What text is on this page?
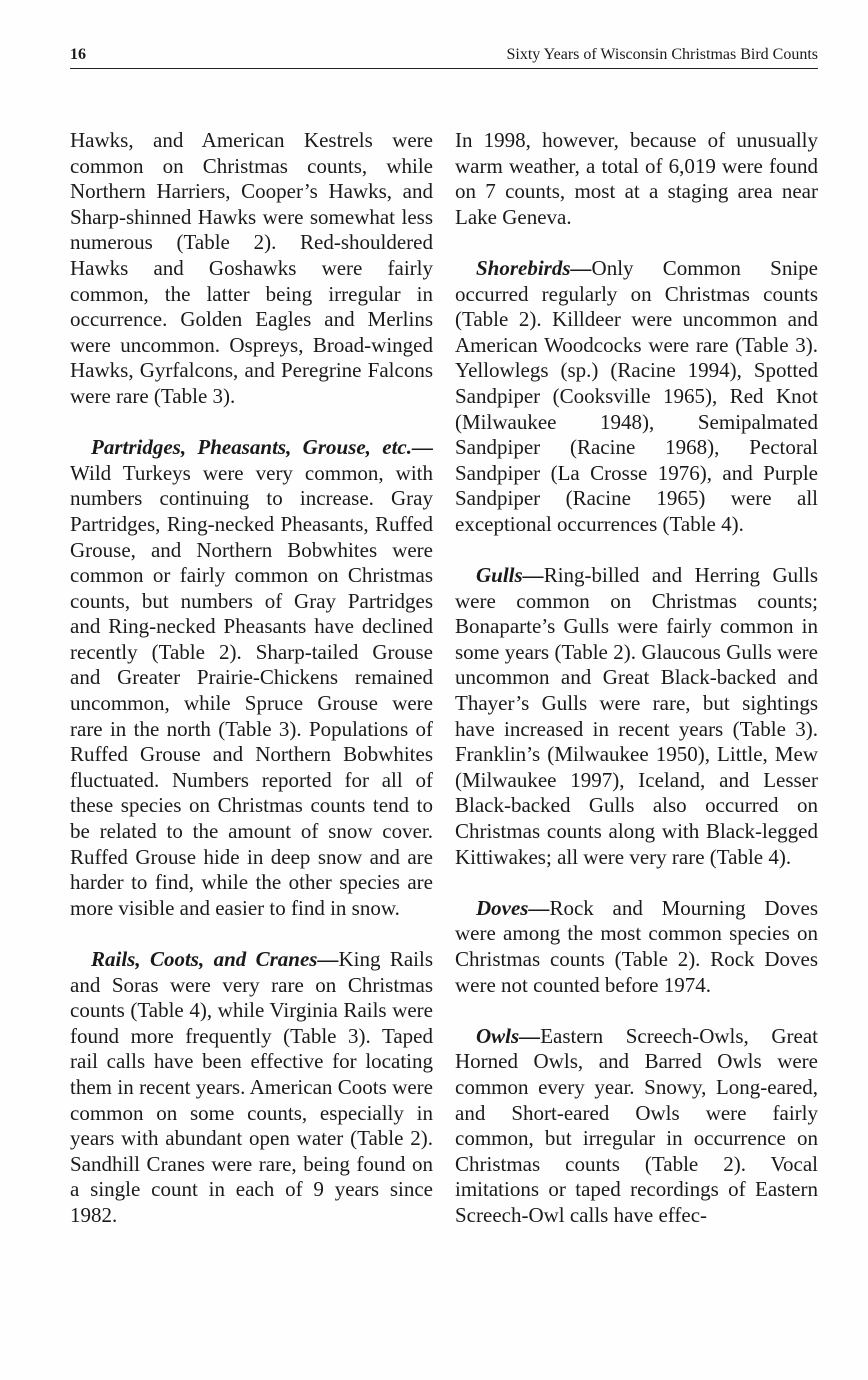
16	Sixty Years of Wisconsin Christmas Bird Counts

Hawks, and American Kestrels were common on Christmas counts, while Northern Harriers, Cooper’s Hawks, and Sharp-shinned Hawks were somewhat less numerous (Table 2). Red-shouldered Hawks and Goshawks were fairly common, the latter being irregular in occurrence. Golden Eagles and Merlins were uncommon. Ospreys, Broad-winged Hawks, Gyrfalcons, and Peregrine Falcons were rare (Table 3).

Partridges, Pheasants, Grouse, etc.—Wild Turkeys were very common, with numbers continuing to increase. Gray Partridges, Ring-necked Pheasants, Ruffed Grouse, and Northern Bobwhites were common or fairly common on Christmas counts, but numbers of Gray Partridges and Ring-necked Pheasants have declined recently (Table 2). Sharp-tailed Grouse and Greater Prairie-Chickens remained uncommon, while Spruce Grouse were rare in the north (Table 3). Populations of Ruffed Grouse and Northern Bobwhites fluctuated. Numbers reported for all of these species on Christmas counts tend to be related to the amount of snow cover. Ruffed Grouse hide in deep snow and are harder to find, while the other species are more visible and easier to find in snow.

Rails, Coots, and Cranes—King Rails and Soras were very rare on Christmas counts (Table 4), while Virginia Rails were found more frequently (Table 3). Taped rail calls have been effective for locating them in recent years. American Coots were common on some counts, especially in years with abundant open water (Table 2). Sandhill Cranes were rare, being found on a single count in each of 9 years since 1982.

In 1998, however, because of unusually warm weather, a total of 6,019 were found on 7 counts, most at a staging area near Lake Geneva.

Shorebirds—Only Common Snipe occurred regularly on Christmas counts (Table 2). Killdeer were uncommon and American Woodcocks were rare (Table 3). Yellowlegs (sp.) (Racine 1994), Spotted Sandpiper (Cooksville 1965), Red Knot (Milwaukee 1948), Semipalmated Sandpiper (Racine 1968), Pectoral Sandpiper (La Crosse 1976), and Purple Sandpiper (Racine 1965) were all exceptional occurrences (Table 4).

Gulls—Ring-billed and Herring Gulls were common on Christmas counts; Bonaparte’s Gulls were fairly common in some years (Table 2). Glaucous Gulls were uncommon and Great Black-backed and Thayer’s Gulls were rare, but sightings have increased in recent years (Table 3). Franklin’s (Milwaukee 1950), Little, Mew (Milwaukee 1997), Iceland, and Lesser Black-backed Gulls also occurred on Christmas counts along with Black-legged Kittiwakes; all were very rare (Table 4).

Doves—Rock and Mourning Doves were among the most common species on Christmas counts (Table 2). Rock Doves were not counted before 1974.

Owls—Eastern Screech-Owls, Great Horned Owls, and Barred Owls were common every year. Snowy, Long-eared, and Short-eared Owls were fairly common, but irregular in occurrence on Christmas counts (Table 2). Vocal imitations or taped recordings of Eastern Screech-Owl calls have effec-
